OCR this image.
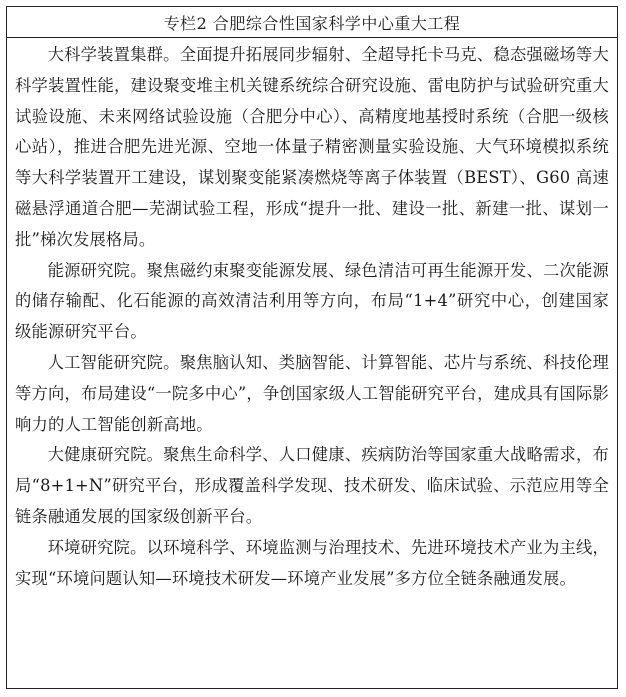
专栏2 合肥综合性国家科学中心重大工程

大科学装置集群。全面提升拓展同步辐射、全超导托卡马克、稳态强磁场等大科学装置性能，建设聚变堆主机关键系统综合研究设施、雷电防护与试验研究重大试验设施、未来网络试验设施（合肥分中心）、高精度地基授时系统（合肥一级核心站），推进合肥先进光源、空地一体量子精密测量实验设施、大气环境模拟系统等大科学装置开工建设，谋划聚变能紧凑燃烧等离子体装置（BEST）、G60 高速磁悬浮通道合肥—芜湖试验工程，形成“提升一批、建设一批、新建一批、谋划一批”梯次发展格局。

能源研究院。聚焦磁约束聚变能源发展、绿色清洁可再生能源开发、二次能源的储存输配、化石能源的高效清洁利用等方向，布局“1+4”研究中心，创建国家级能源研究平台。

人工智能研究院。聚焦脑认知、类脑智能、计算智能、芯片与系统、科技伦理等方向，布局建设“一院多中心”，争创国家级人工智能研究平台，建成具有国际影响力的人工智能创新高地。

大健康研究院。聚焦生命科学、人口健康、疾病防治等国家重大战略需求，布局“8+1+N”研究平台，形成覆盖科学发现、技术研发、临床试验、示范应用等全链条融通发展的国家级创新平台。

环境研究院。以环境科学、环境监测与治理技术、先进环境技术产业为主线，实现“环境问题认知—环境技术研发—环境产业发展”多方位全链条融通发展。
